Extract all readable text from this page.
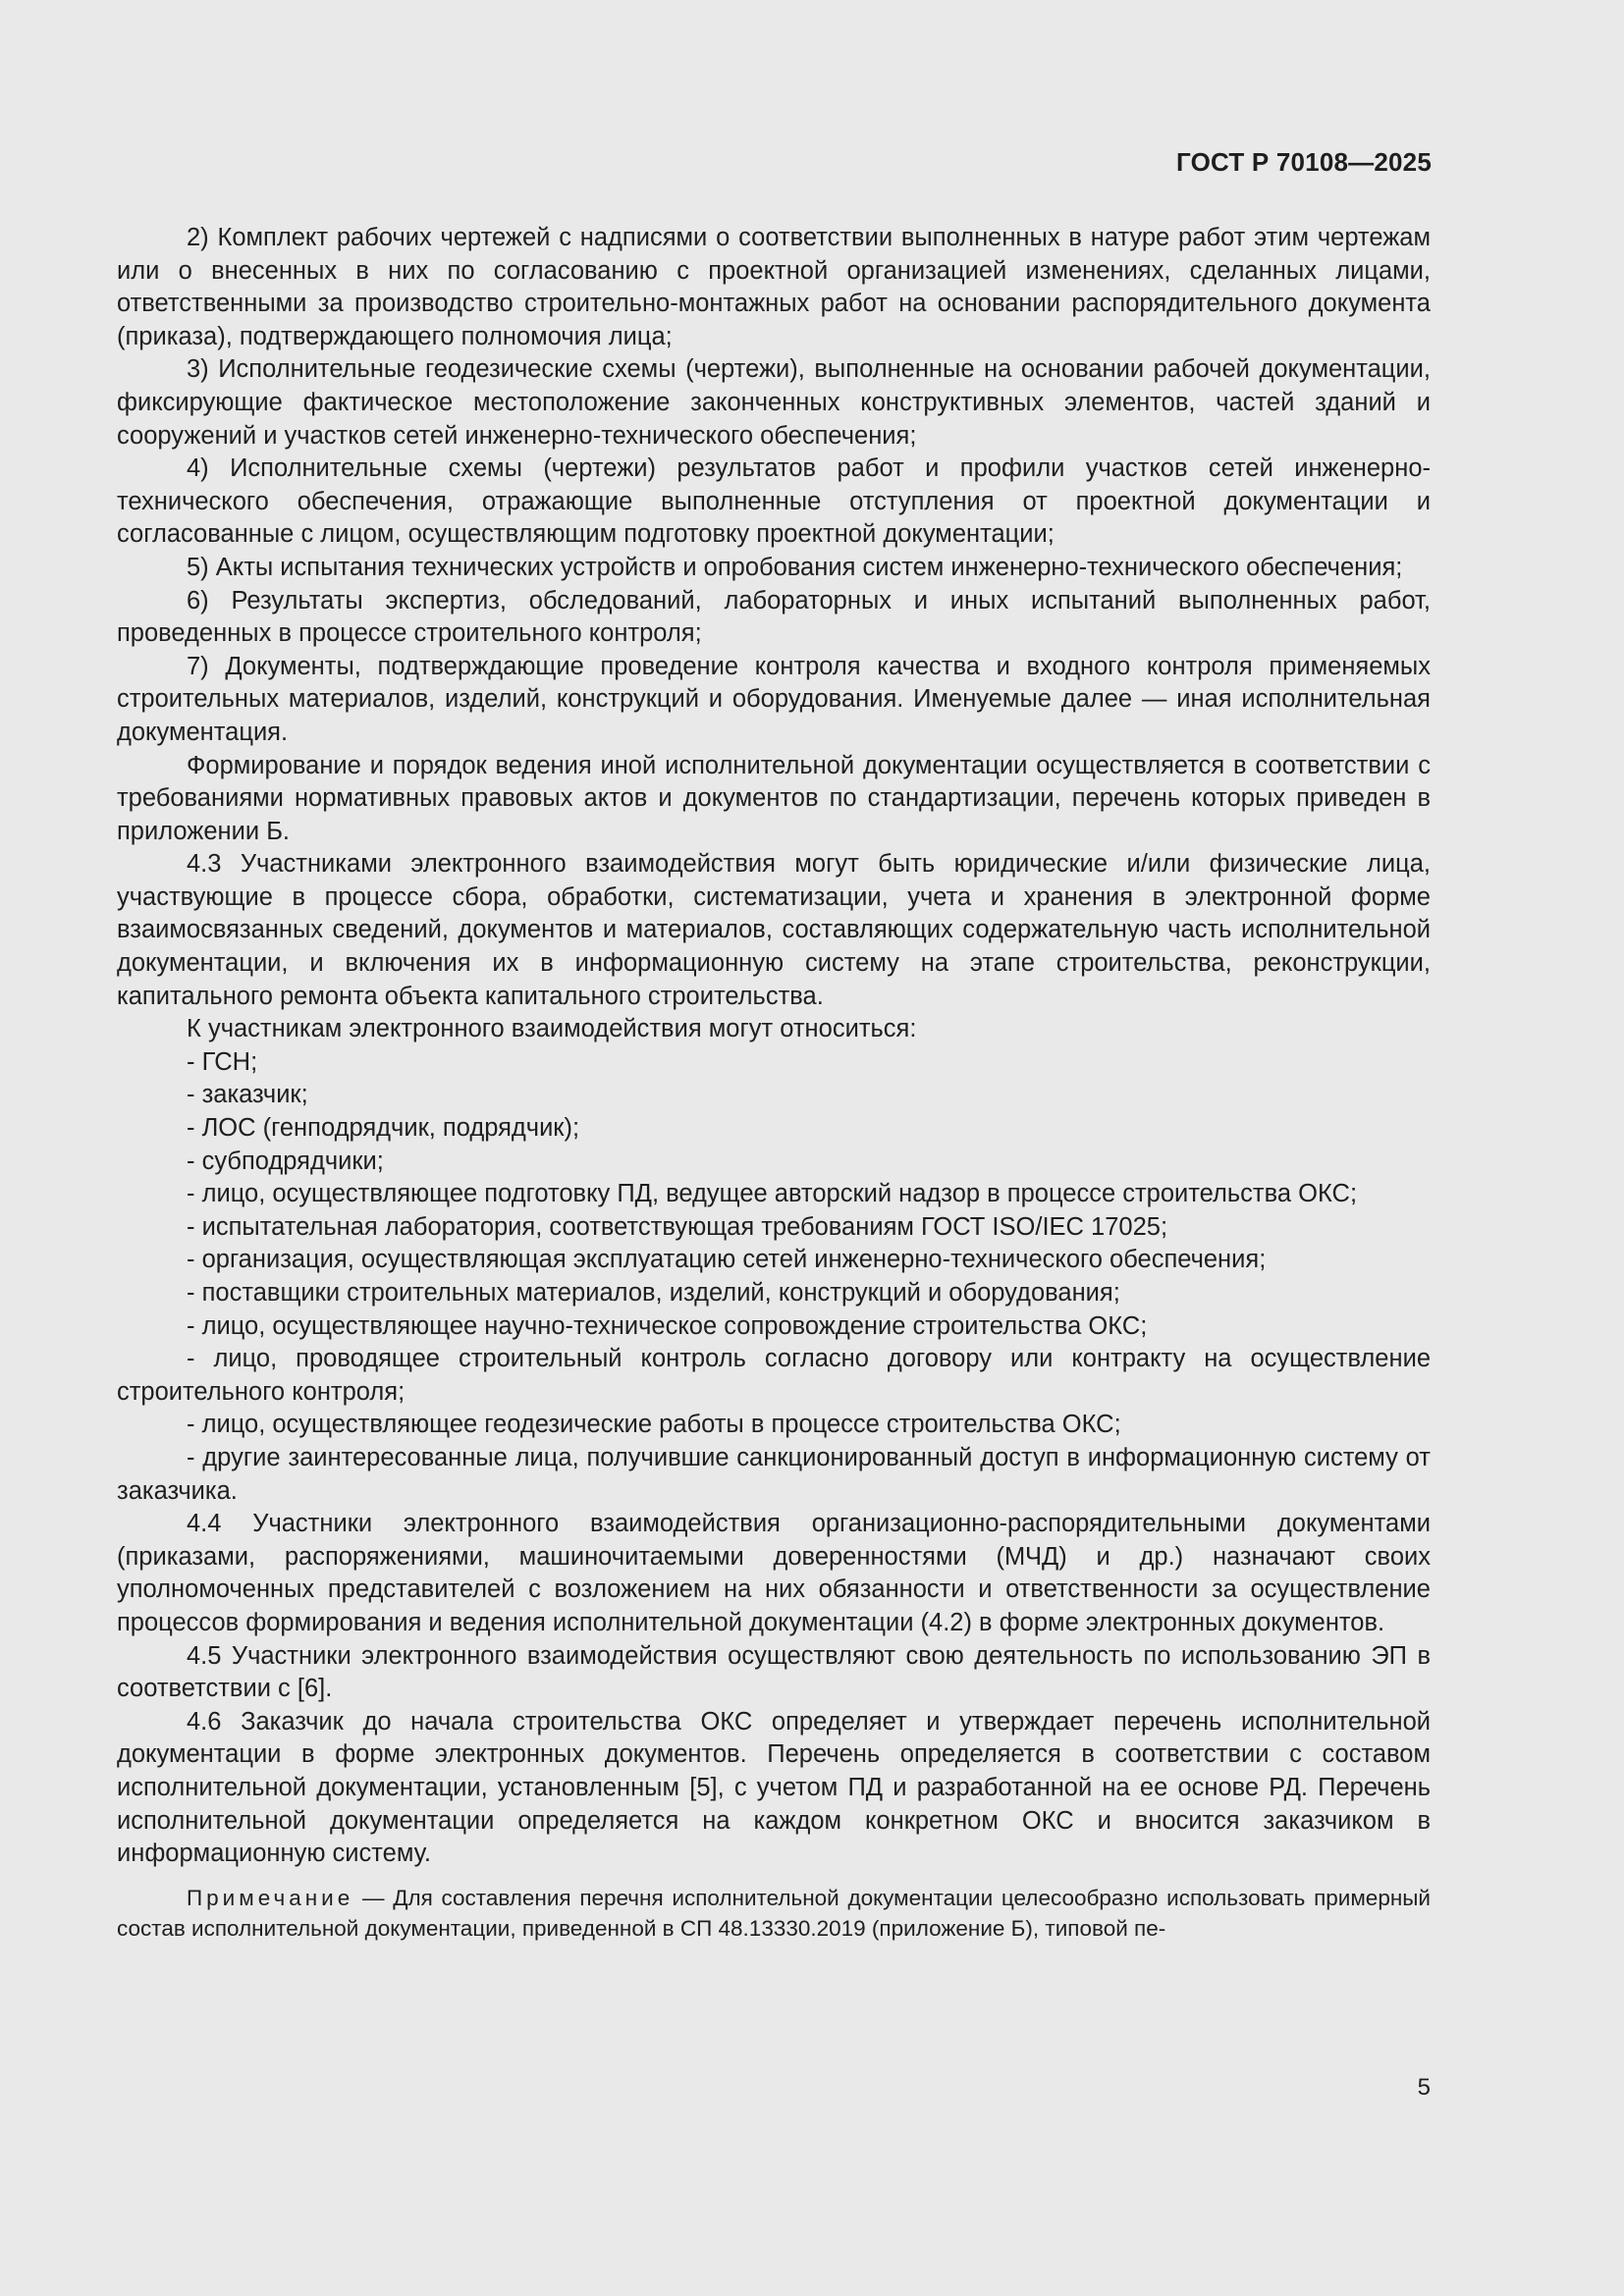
ГОСТ Р 70108—2025

2) Комплект рабочих чертежей с надписями о соответствии выполненных в натуре работ этим чертежам или о внесенных в них по согласованию с проектной организацией изменениях, сделанных лицами, ответственными за производство строительно-монтажных работ на основании распорядительного документа (приказа), подтверждающего полномочия лица;

3) Исполнительные геодезические схемы (чертежи), выполненные на основании рабочей документации, фиксирующие фактическое местоположение законченных конструктивных элементов, частей зданий и сооружений и участков сетей инженерно-технического обеспечения;

4) Исполнительные схемы (чертежи) результатов работ и профили участков сетей инженерно-технического обеспечения, отражающие выполненные отступления от проектной документации и согласованные с лицом, осуществляющим подготовку проектной документации;

5) Акты испытания технических устройств и опробования систем инженерно-технического обеспечения;

6) Результаты экспертиз, обследований, лабораторных и иных испытаний выполненных работ, проведенных в процессе строительного контроля;

7) Документы, подтверждающие проведение контроля качества и входного контроля применяемых строительных материалов, изделий, конструкций и оборудования. Именуемые далее — иная исполнительная документация.

Формирование и порядок ведения иной исполнительной документации осуществляется в соответствии с требованиями нормативных правовых актов и документов по стандартизации, перечень которых приведен в приложении Б.

4.3 Участниками электронного взаимодействия могут быть юридические и/или физические лица, участвующие в процессе сбора, обработки, систематизации, учета и хранения в электронной форме взаимосвязанных сведений, документов и материалов, составляющих содержательную часть исполнительной документации, и включения их в информационную систему на этапе строительства, реконструкции, капитального ремонта объекта капитального строительства.

К участникам электронного взаимодействия могут относиться:

- ГСН;

- заказчик;

- ЛОС (генподрядчик, подрядчик);

- субподрядчики;

- лицо, осуществляющее подготовку ПД, ведущее авторский надзор в процессе строительства ОКС;

- испытательная лаборатория, соответствующая требованиям ГОСТ ISO/IEC 17025;

- организация, осуществляющая эксплуатацию сетей инженерно-технического обеспечения;

- поставщики строительных материалов, изделий, конструкций и оборудования;

- лицо, осуществляющее научно-техническое сопровождение строительства ОКС;

- лицо, проводящее строительный контроль согласно договору или контракту на осуществление строительного контроля;

- лицо, осуществляющее геодезические работы в процессе строительства ОКС;

- другие заинтересованные лица, получившие санкционированный доступ в информационную систему от заказчика.

4.4 Участники электронного взаимодействия организационно-распорядительными документами (приказами, распоряжениями, машиночитаемыми доверенностями (МЧД) и др.) назначают своих уполномоченных представителей с возложением на них обязанности и ответственности за осуществление процессов формирования и ведения исполнительной документации (4.2) в форме электронных документов.

4.5 Участники электронного взаимодействия осуществляют свою деятельность по использованию ЭП в соответствии с [6].

4.6 Заказчик до начала строительства ОКС определяет и утверждает перечень исполнительной документации в форме электронных документов. Перечень определяется в соответствии с составом исполнительной документации, установленным [5], с учетом ПД и разработанной на ее основе РД. Перечень исполнительной документации определяется на каждом конкретном ОКС и вносится заказчиком в информационную систему.

Примечание — Для составления перечня исполнительной документации целесообразно использовать примерный состав исполнительной документации, приведенной в СП 48.13330.2019 (приложение Б), типовой пе-

5
